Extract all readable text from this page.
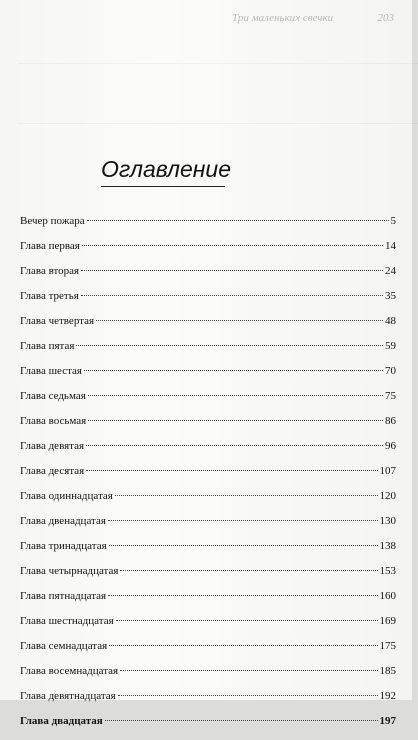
Три маленьких свечки	203
————————————————————————————————————————
————————————————————————————————————————
Оглавление
Вечер пожара	5
Глава первая	14
Глава вторая	24
Глава третья	35
Глава четвертая	48
Глава пятая	59
Глава шестая	70
Глава седьмая	75
Глава восьмая	86
Глава девятая	96
Глава десятая	107
Глава одиннадцатая	120
Глава двенадцатая	130
Глава тринадцатая	138
Глава четырнадцатая	153
Глава пятнадцатая	160
Глава шестнадцатая	169
Глава семнадцатая	175
Глава восемнадцатая	185
Глава девятнадцатая	192
Глава двадцатая	197
